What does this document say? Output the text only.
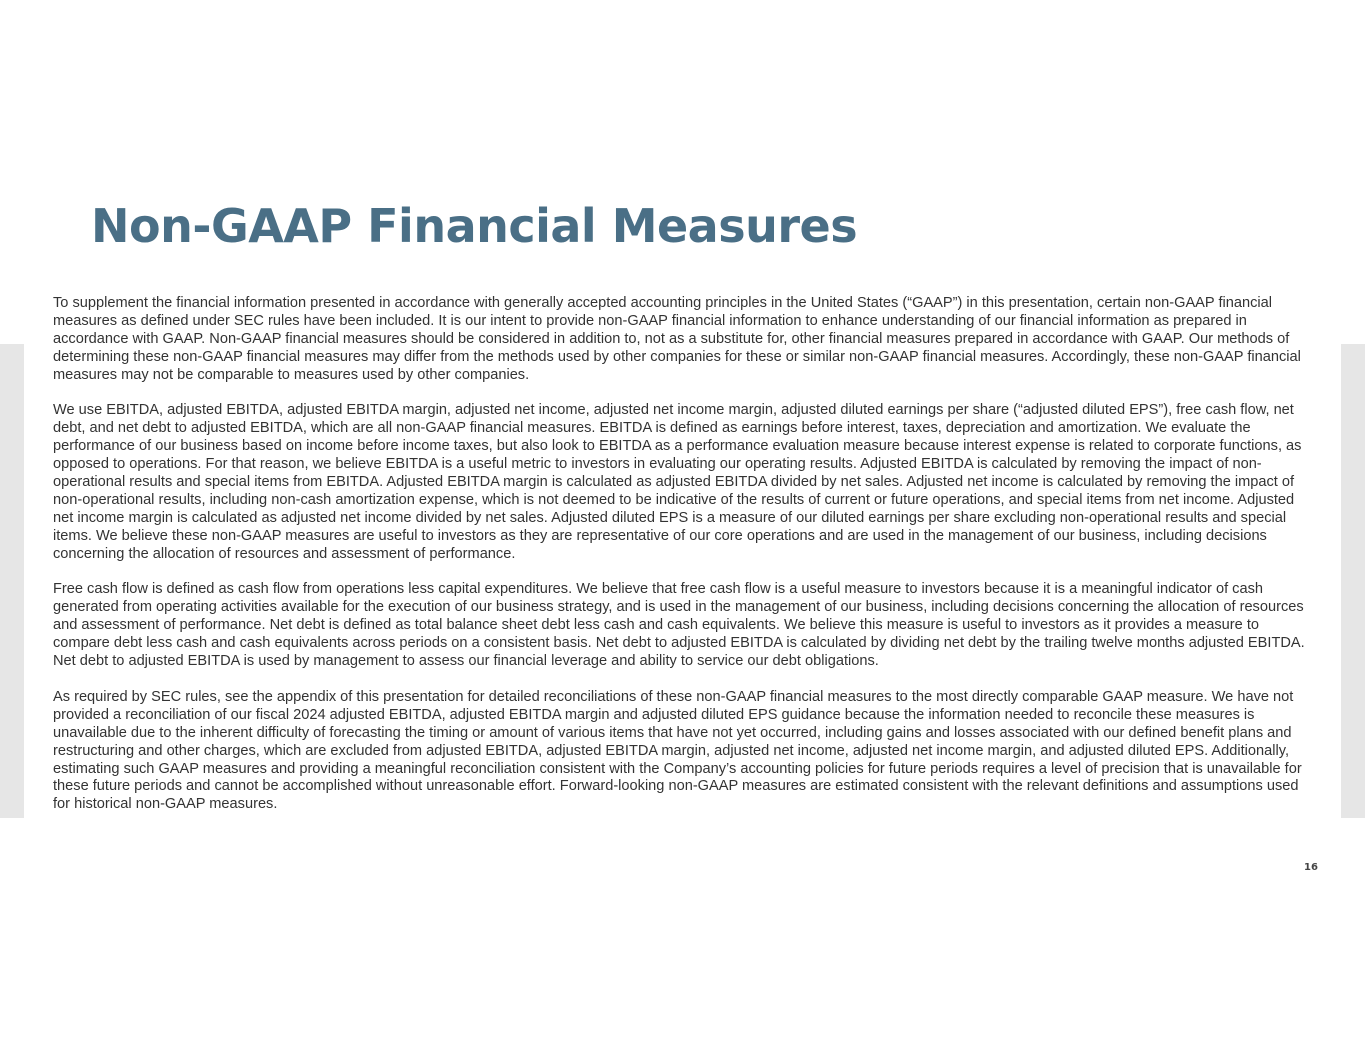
Non-GAAP Financial Measures

To supplement the financial information presented in accordance with generally accepted accounting principles in the United States (“GAAP”) in this presentation, certain non-GAAP financial measures as defined under SEC rules have been included. It is our intent to provide non-GAAP financial information to enhance understanding of our financial information as prepared in accordance with GAAP. Non-GAAP financial measures should be considered in addition to, not as a substitute for, other financial measures prepared in accordance with GAAP. Our methods of determining these non-GAAP financial measures may differ from the methods used by other companies for these or similar non-GAAP financial measures. Accordingly, these non-GAAP financial measures may not be comparable to measures used by other companies.

We use EBITDA, adjusted EBITDA, adjusted EBITDA margin, adjusted net income, adjusted net income margin, adjusted diluted earnings per share (“adjusted diluted EPS”), free cash flow, net debt, and net debt to adjusted EBITDA, which are all non-GAAP financial measures. EBITDA is defined as earnings before interest, taxes, depreciation and amortization. We evaluate the performance of our business based on income before income taxes, but also look to EBITDA as a performance evaluation measure because interest expense is related to corporate functions, as opposed to operations. For that reason, we believe EBITDA is a useful metric to investors in evaluating our operating results. Adjusted EBITDA is calculated by removing the impact of non-operational results and special items from EBITDA. Adjusted EBITDA margin is calculated as adjusted EBITDA divided by net sales. Adjusted net income is calculated by removing the impact of non-operational results, including non-cash amortization expense, which is not deemed to be indicative of the results of current or future operations, and special items from net income. Adjusted net income margin is calculated as adjusted net income divided by net sales. Adjusted diluted EPS is a measure of our diluted earnings per share excluding non-operational results and special items. We believe these non-GAAP measures are useful to investors as they are representative of our core operations and are used in the management of our business, including decisions concerning the allocation of resources and assessment of performance.

Free cash flow is defined as cash flow from operations less capital expenditures. We believe that free cash flow is a useful measure to investors because it is a meaningful indicator of cash generated from operating activities available for the execution of our business strategy, and is used in the management of our business, including decisions concerning the allocation of resources and assessment of performance. Net debt is defined as total balance sheet debt less cash and cash equivalents. We believe this measure is useful to investors as it provides a measure to compare debt less cash and cash equivalents across periods on a consistent basis. Net debt to adjusted EBITDA is calculated by dividing net debt by the trailing twelve months adjusted EBITDA. Net debt to adjusted EBITDA is used by management to assess our financial leverage and ability to service our debt obligations.

As required by SEC rules, see the appendix of this presentation for detailed reconciliations of these non-GAAP financial measures to the most directly comparable GAAP measure. We have not provided a reconciliation of our fiscal 2024 adjusted EBITDA, adjusted EBITDA margin and adjusted diluted EPS guidance because the information needed to reconcile these measures is unavailable due to the inherent difficulty of forecasting the timing or amount of various items that have not yet occurred, including gains and losses associated with our defined benefit plans and restructuring and other charges, which are excluded from adjusted EBITDA, adjusted EBITDA margin, adjusted net income, adjusted net income margin, and adjusted diluted EPS. Additionally, estimating such GAAP measures and providing a meaningful reconciliation consistent with the Company’s accounting policies for future periods requires a level of precision that is unavailable for these future periods and cannot be accomplished without unreasonable effort. Forward-looking non-GAAP measures are estimated consistent with the relevant definitions and assumptions used for historical non-GAAP measures.

16
